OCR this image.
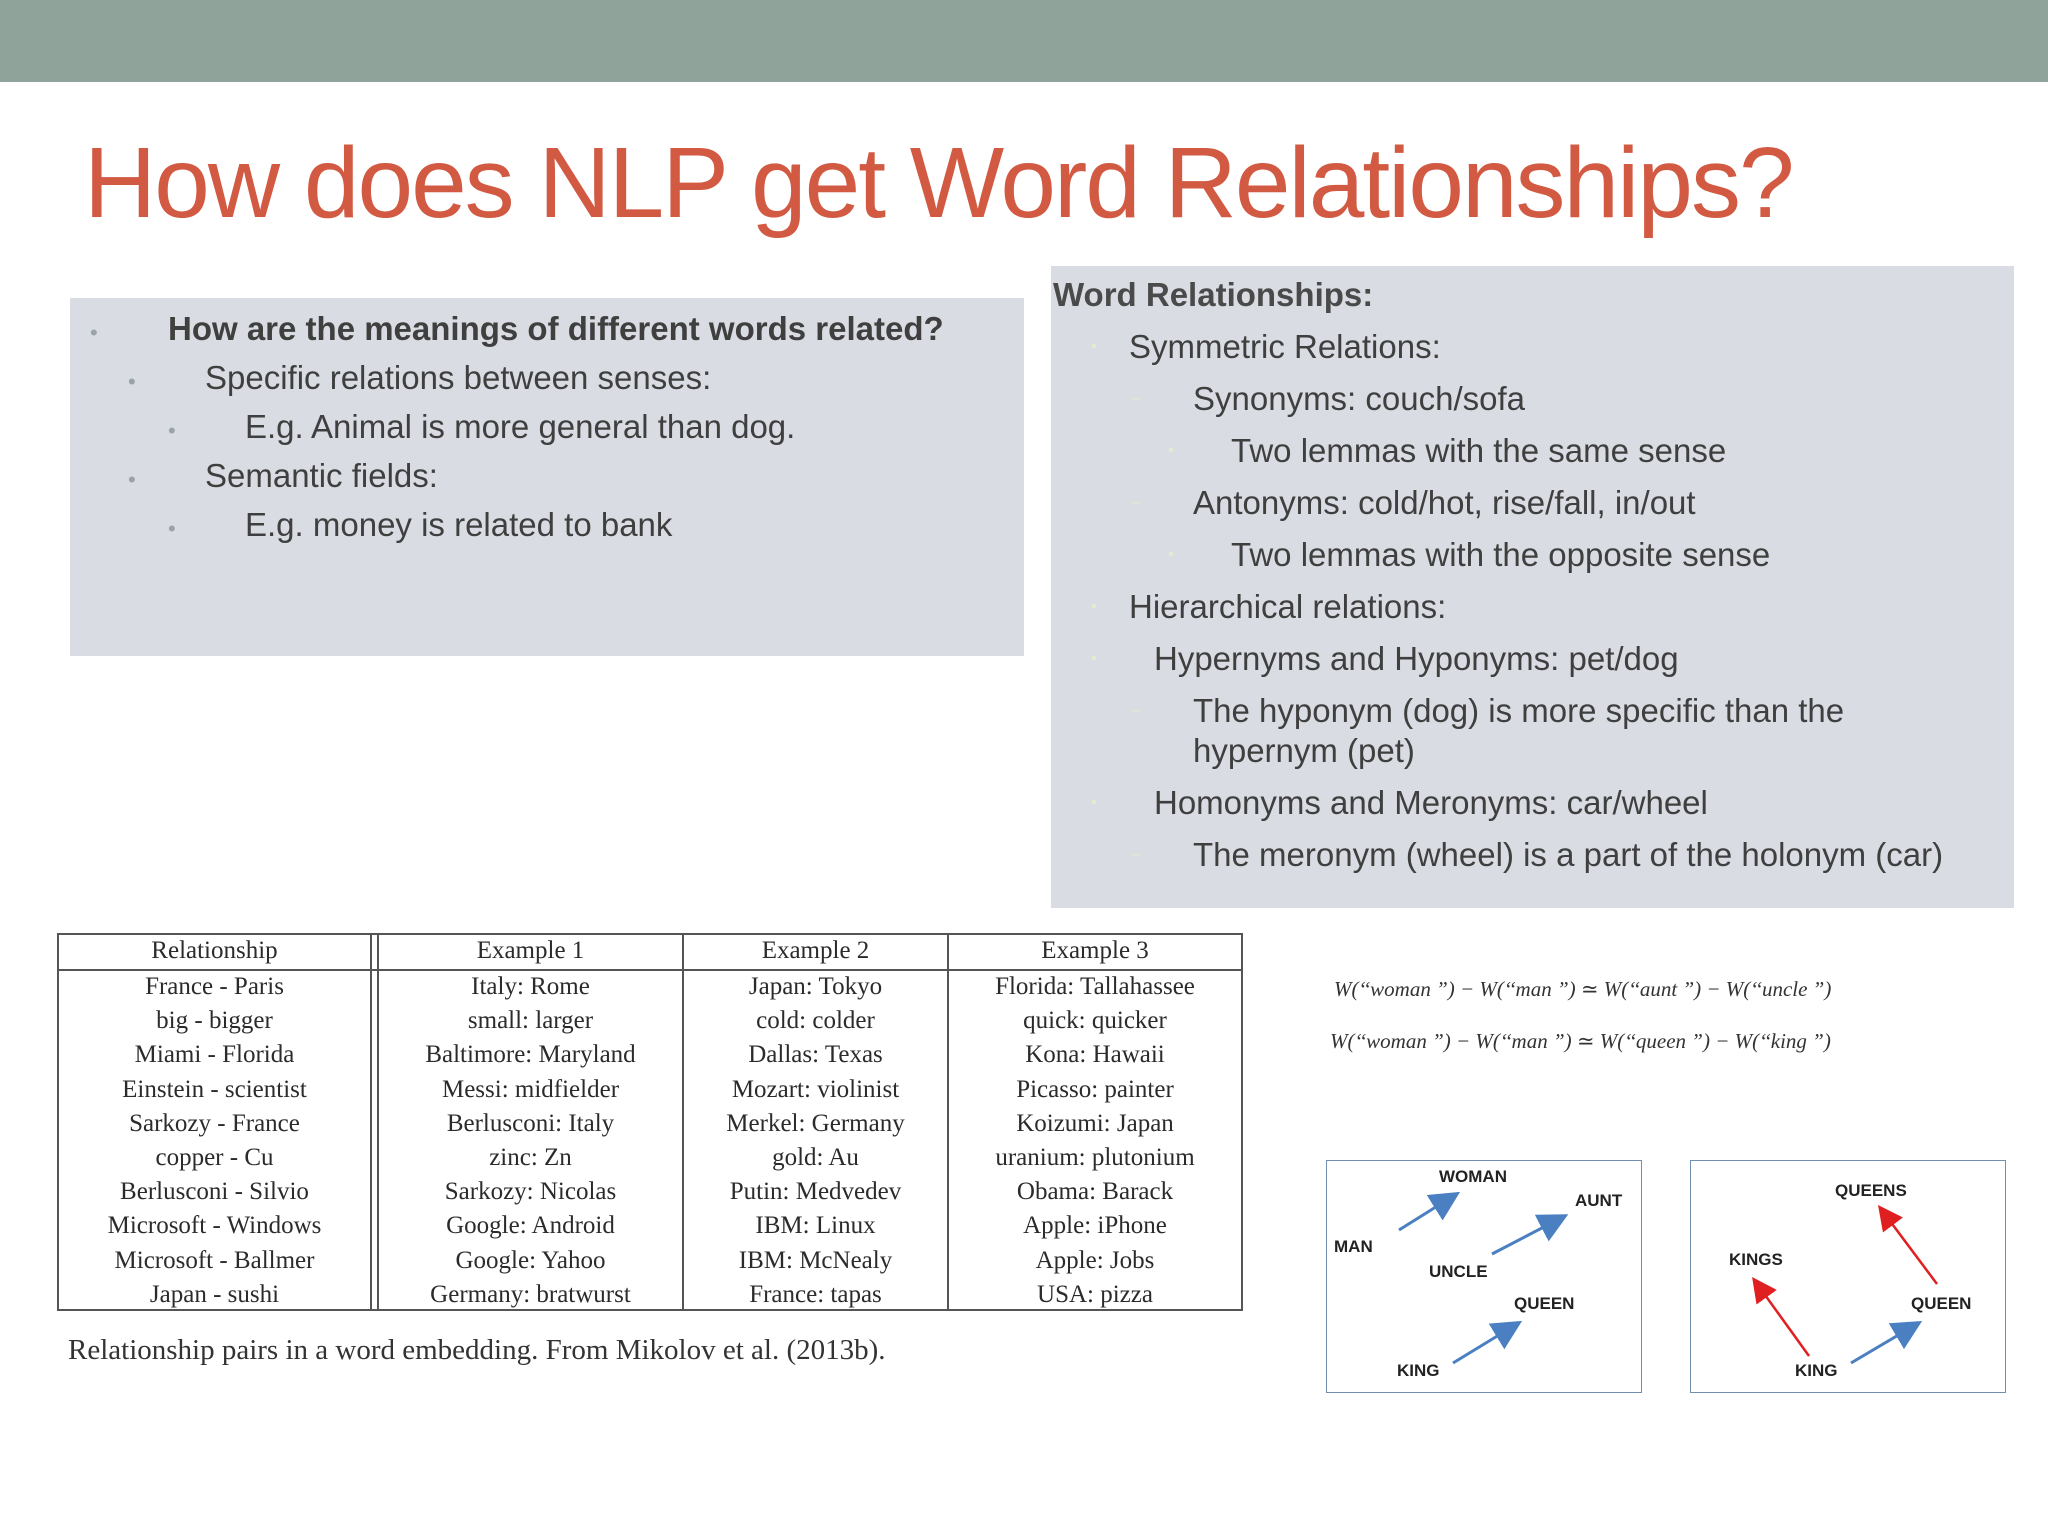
How does NLP get Word Relationships?
• How are the meanings of different words related?
• Specific relations between senses:
• E.g. Animal is more general than dog.
• Semantic fields:
• E.g. money is related to bank
Word Relationships:
▪ Symmetric Relations:
– Synonyms: couch/sofa
▪ Two lemmas with the same sense
– Antonyms: cold/hot, rise/fall, in/out
▪ Two lemmas with the opposite sense
▪ Hierarchical relations:
▪ Hypernyms and Hyponyms: pet/dog
– The hyponym (dog) is more specific than the
hypernym (pet)
▪ Homonyms and Meronyms: car/wheel
– The meronym (wheel) is a part of the holonym (car)
Relationship
France - Paris
big - bigger
Miami - Florida
Einstein - scientist
Sarkozy - France
copper - Cu
Berlusconi - Silvio
Microsoft - Windows
Microsoft - Ballmer
Japan - sushi
Example 1
Italy: Rome
small: larger
Baltimore: Maryland
Messi: midfielder
Berlusconi: Italy
zinc: Zn
Sarkozy: Nicolas
Google: Android
Google: Yahoo
Germany: bratwurst
Example 2
Japan: Tokyo
cold: colder
Dallas: Texas
Mozart: violinist
Merkel: Germany
gold: Au
Putin: Medvedev
IBM: Linux
IBM: McNealy
France: tapas
Example 3
Florida: Tallahassee
quick: quicker
Kona: Hawaii
Picasso: painter
Koizumi: Japan
uranium: plutonium
Obama: Barack
Apple: iPhone
Apple: Jobs
USA: pizza
Relationship pairs in a word embedding. From Mikolov et al. (2013b).
W(‘‘woman ”) − W(‘‘man ”) ≃ W(‘‘aunt ”) − W(‘‘uncle ”)
W(‘‘woman ”) − W(‘‘man ”) ≃ W(‘‘queen ”) − W(‘‘king ”)
WOMAN
AUNT
MAN
UNCLE
QUEEN
KING
QUEENS
KINGS
QUEEN
KING
